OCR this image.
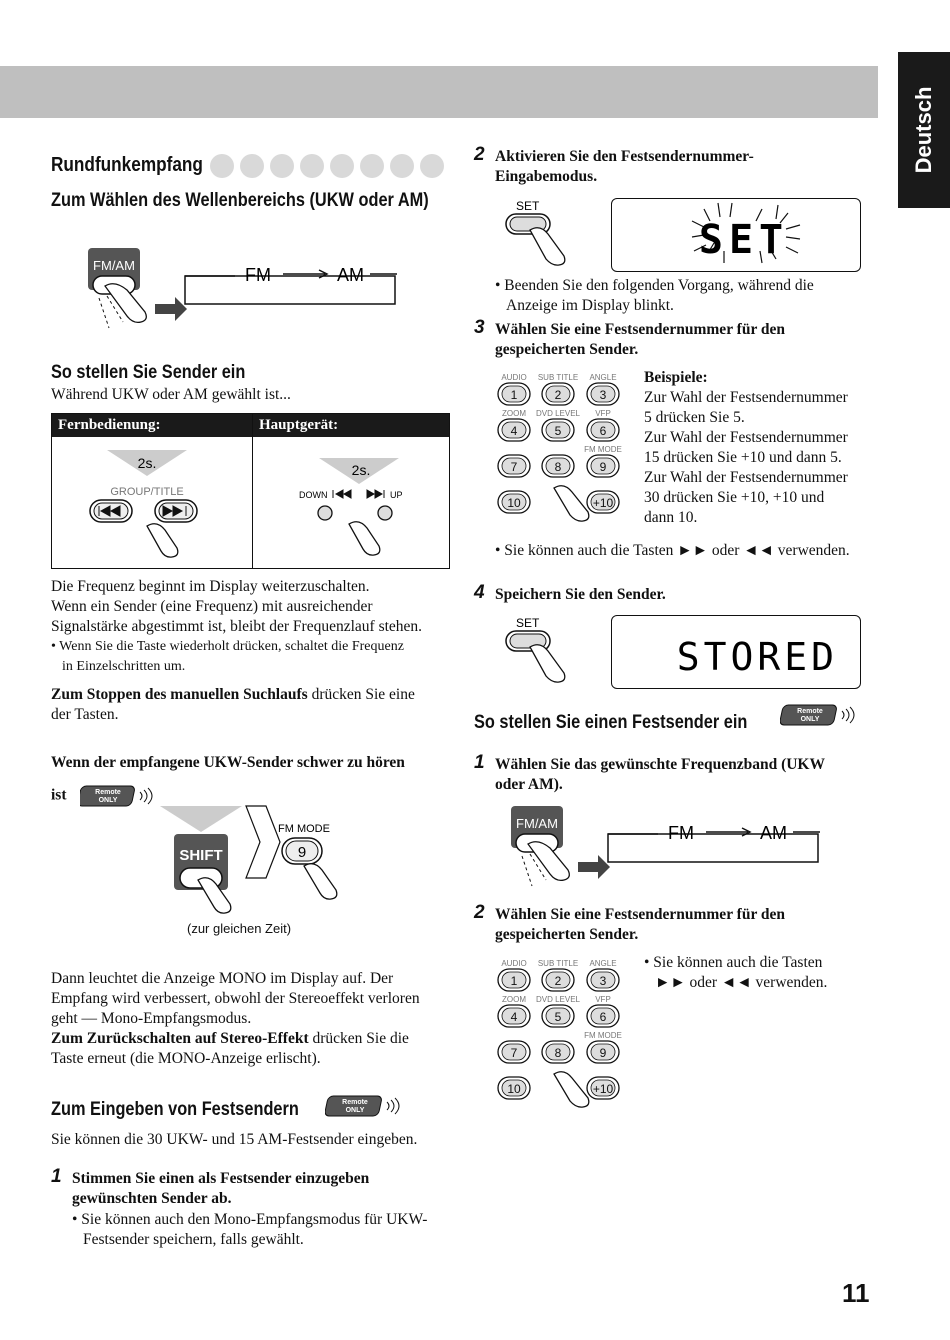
Deutsch
Rundfunkempfang
Zum Wählen des Wellenbereichs (UKW oder AM)
FM/AM	FM	AM
So stellen Sie Sender ein
Während UKW oder AM gewählt ist...
Fernbedienung:	Hauptgerät:
2s.
GROUP/TITLE
2s.
DOWN	UP
Die Frequenz beginnt im Display weiterzuschalten.
Wenn ein Sender (eine Frequenz) mit ausreichender
Signalstärke abgestimmt ist, bleibt der Frequenzlauf stehen.
• Wenn Sie die Taste wiederholt drücken, schaltet die Frequenz
in Einzelschritten um.
Zum Stoppen des manuellen Suchlaufs drücken Sie eine
der Tasten.
Wenn der empfangene UKW-Sender schwer zu hören
ist	Remote
ONLY
SHIFT
FM MODE
9
(zur gleichen Zeit)
Dann leuchtet die Anzeige MONO im Display auf. Der
Empfang wird verbessert, obwohl der Stereoeffekt verloren
geht — Mono-Empfangsmodus.
Zum Zurückschalten auf Stereo-Effekt drücken Sie die
Taste erneut (die MONO-Anzeige erlischt).
Zum Eingeben von Festsendern	Remote
ONLY
Sie können die 30 UKW- und 15 AM-Festsender eingeben.
1 Stimmen Sie einen als Festsender einzugeben
gewünschten Sender ab.
• Sie können auch den Mono-Empfangsmodus für UKW-
Festsender speichern, falls gewählt.
2 Aktivieren Sie den Festsendernummer-
Eingabemodus.
SET
SET
• Beenden Sie den folgenden Vorgang, während die
Anzeige im Display blinkt.
3 Wählen Sie eine Festsendernummer für den
gespeicherten Sender.
AUDIO SUB TITLE ANGLE
ZOOM DVD LEVEL VFP
FM MODE
1	2	3
4	5	6
7	8	9
10	+10
Beispiele:
Zur Wahl der Festsendernummer
5 drücken Sie 5.
Zur Wahl der Festsendernummer
15 drücken Sie +10 und dann 5.
Zur Wahl der Festsendernummer
30 drücken Sie +10, +10 und
dann 10.
• Sie können auch die Tasten ►► oder ◄◄ verwenden.
4 Speichern Sie den Sender.
SET
STORED
So stellen Sie einen Festsender ein
Remote
ONLY
1 Wählen Sie das gewünschte Frequenzband (UKW
oder AM).
FM/AM	FM	AM
2 Wählen Sie eine Festsendernummer für den
gespeicherten Sender.
AUDIO SUB TITLE ANGLE
ZOOM DVD LEVEL VFP
FM MODE
1	2	3
4	5	6
7	8	9
10	+10
• Sie können auch die Tasten
►► oder ◄◄ verwenden.
11
